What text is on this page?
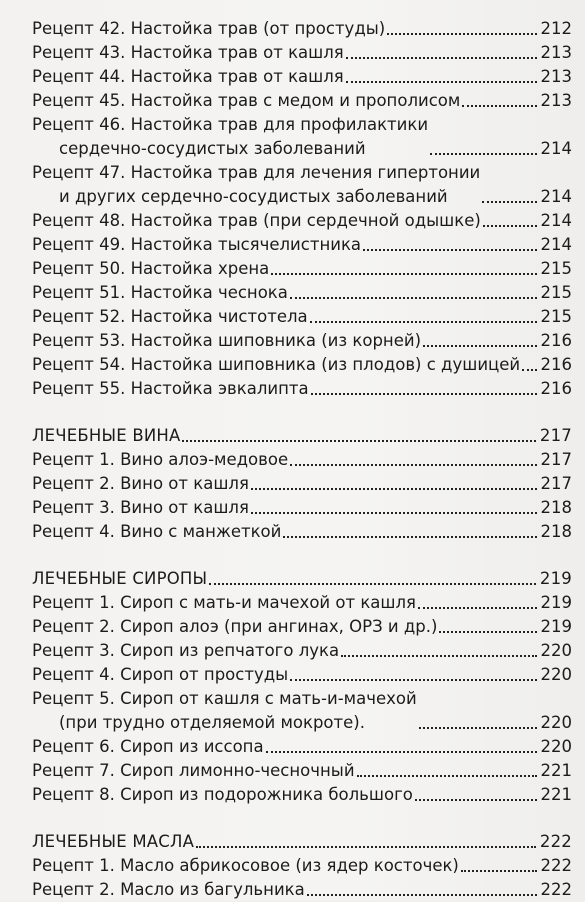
Рецепт 42. Настойка трав (от простуды)	212
Рецепт 43. Настойка трав от кашля	213
Рецепт 44. Настойка трав от кашля	213
Рецепт 45. Настойка трав с медом и прополисом	213
Рецепт 46. Настойка трав для профилактики
сердечно-сосудистых заболеваний	214
Рецепт 47. Настойка трав для лечения гипертонии
и других сердечно-сосудистых заболеваний	214
Рецепт 48. Настойка трав (при сердечной одышке)	214
Рецепт 49. Настойка тысячелистника	214
Рецепт 50. Настойка хрена	215
Рецепт 51. Настойка чеснока	215
Рецепт 52. Настойка чистотела	215
Рецепт 53. Настойка шиповника (из корней)	216
Рецепт 54. Настойка шиповника (из плодов) с душицей 216
Рецепт 55. Настойка эвкалипта	216
ЛЕЧЕБНЫЕ ВИНА	217
Рецепт 1. Вино алоэ-медовое	217
Рецепт 2. Вино от кашля	217
Рецепт 3. Вино от кашля	218
Рецепт 4. Вино с манжеткой	218
ЛЕЧЕБНЫЕ СИРОПЫ	219
Рецепт 1. Сироп с мать-и мачехой от кашля	219
Рецепт 2. Сироп алоэ (при ангинах, ОРЗ и др.)	219
Рецепт 3. Сироп из репчатого лука	220
Рецепт 4. Сироп от простуды	220
Рецепт 5. Сироп от кашля с мать-и-мачехой
(при трудно отделяемой мокроте).	220
Рецепт 6. Сироп из иссопа	220
Рецепт 7. Сироп лимонно-чесночный	221
Рецепт 8. Сироп из подорожника большого	221
ЛЕЧЕБНЫЕ МАСЛА	222
Рецепт 1. Масло абрикосовое (из ядер косточек)	222
Рецепт 2. Масло из багульника	222
